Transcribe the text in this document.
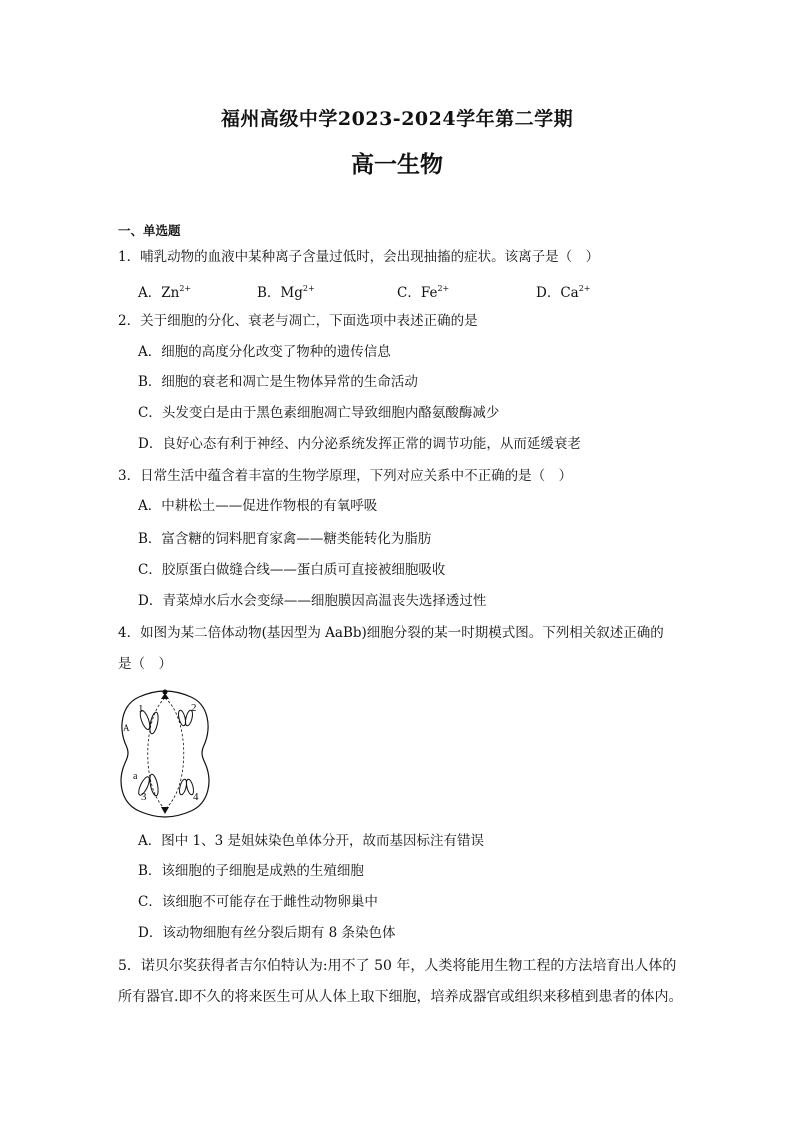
福州高级中学2023-2024学年第二学期
高一生物
一、单选题
1．哺乳动物的血液中某种离子含量过低时，会出现抽搐的症状。该离子是（　）
A．$Zn^{2+}$	B．$Mg^{2+}$	C．$Fe^{2+}$	D．$Ca^{2+}$
2．关于细胞的分化、衰老与凋亡，下面选项中表述正确的是
A．细胞的高度分化改变了物种的遗传信息
B．细胞的衰老和凋亡是生物体异常的生命活动
C．头发变白是由于黑色素细胞凋亡导致细胞内酪氨酸酶减少
D．良好心态有利于神经、内分泌系统发挥正常的调节功能，从而延缓衰老
3．日常生活中蕴含着丰富的生物学原理，下列对应关系中不正确的是（　）
A．中耕松土——促进作物根的有氧呼吸
B．富含糖的饲料肥育家禽——糖类能转化为脂肪
C．胶原蛋白做缝合线——蛋白质可直接被细胞吸收
D．青菜焯水后水会变绿——细胞膜因高温丧失选择透过性
4．如图为某二倍体动物(基因型为 AaBb)细胞分裂的某一时期模式图。下列相关叙述正确的
是（　）
1	2
A
a
3	4
A．图中 1、3 是姐妹染色单体分开，故而基因标注有错误
B．该细胞的子细胞是成熟的生殖细胞
C．该细胞不可能存在于雌性动物卵巢中
D．该动物细胞有丝分裂后期有 8 条染色体
5．诺贝尔奖获得者吉尔伯特认为:用不了 50 年，人类将能用生物工程的方法培育出人体的
所有器官.即不久的将来医生可从人体上取下细胞，培养成器官或组织来移植到患者的体内。
